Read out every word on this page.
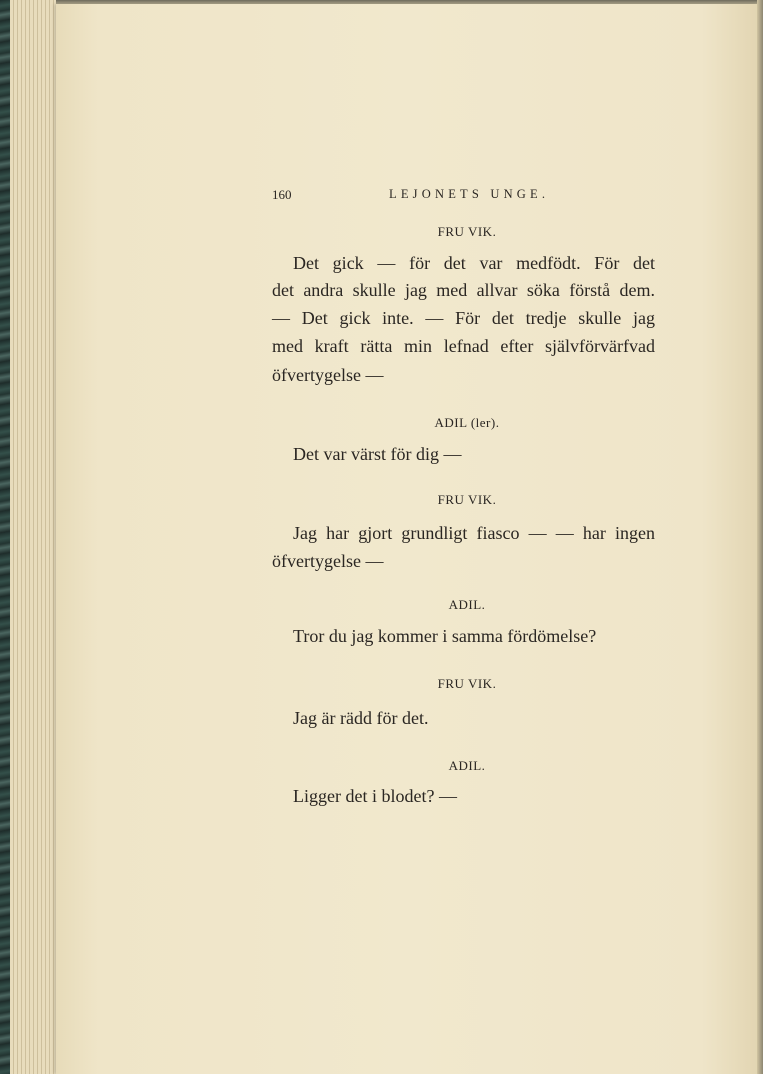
160	LEJONETS UNGE.
FRU VIK.
Det gick — för det var medfödt. För det
det andra skulle jag med allvar söka förstå dem.
— Det gick inte. — För det tredje skulle jag
med kraft rätta min lefnad efter självförvärfvad
öfvertygelse —
ADIL (ler).
Det var värst för dig —
FRU VIK.
Jag har gjort grundligt fiasco — — har ingen
öfvertygelse —
ADIL.
Tror du jag kommer i samma fördömelse?
FRU VIK.
Jag är rädd för det.
ADIL.
Ligger det i blodet? —
